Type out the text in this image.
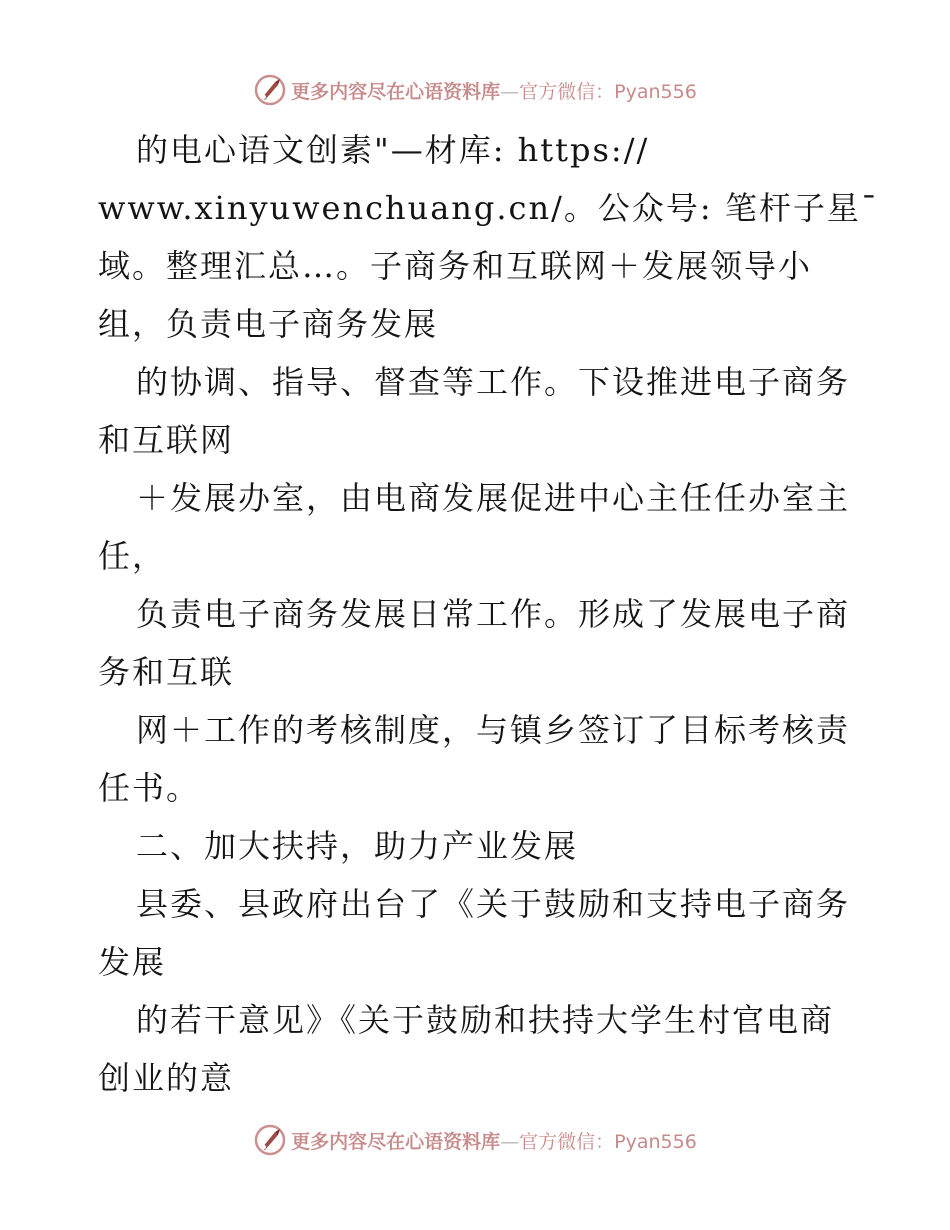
更多内容尽在心语资料库—官方微信：Pyan556
的电心语文创素"—材库: https://
www.xinyuwenchuang.cn/。公众号: 笔杆子星¯
域。整理汇总…。子商务和互联网＋发展领导小
组，负责电子商务发展
的协调、指导、督查等工作。下设推进电子商务
和互联网
＋发展办室，由电商发展促进中心主任任办室主
任，
负责电子商务发展日常工作。形成了发展电子商
务和互联
网＋工作的考核制度，与镇乡签订了目标考核责
任书。
二、加大扶持，助力产业发展
县委、县政府出台了《关于鼓励和支持电子商务
发展
的若干意见》《关于鼓励和扶持大学生村官电商
创业的意
更多内容尽在心语资料库—官方微信：Pyan556
